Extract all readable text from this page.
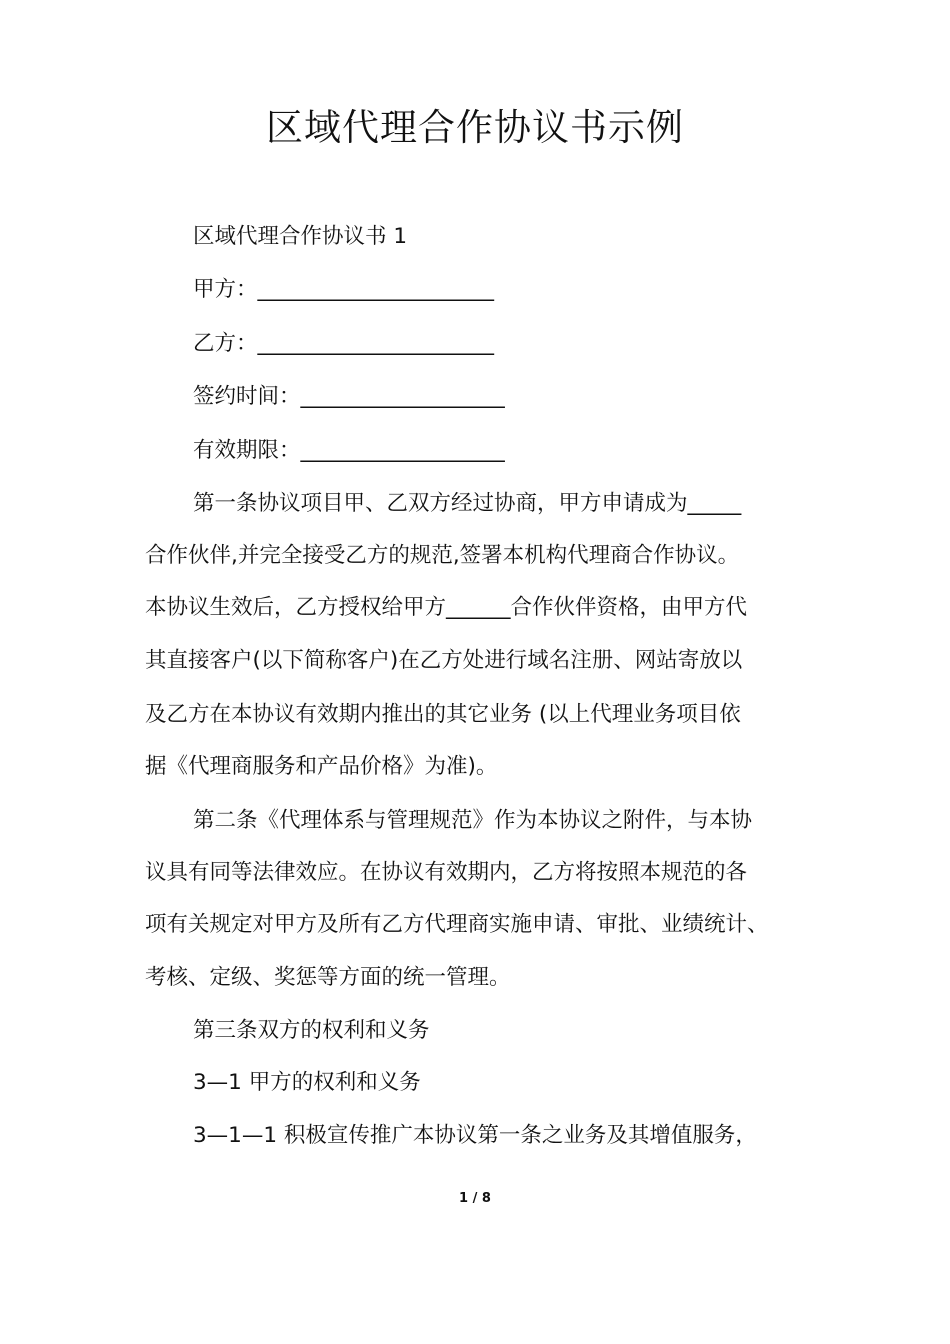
区域代理合作协议书示例

区域代理合作协议书 1

甲方：______________________

乙方：______________________

签约时间：___________________

有效期限：___________________

第一条协议项目甲、乙双方经过协商，甲方申请成为_____

合作伙伴,并完全接受乙方的规范,签署本机构代理商合作协议。

本协议生效后，乙方授权给甲方______合作伙伴资格，由甲方代

其直接客户(以下简称客户)在乙方处进行域名注册、网站寄放以

及乙方在本协议有效期内推出的其它业务 (以上代理业务项目依

据《代理商服务和产品价格》为准)。

第二条《代理体系与管理规范》作为本协议之附件，与本协

议具有同等法律效应。在协议有效期内，乙方将按照本规范的各

项有关规定对甲方及所有乙方代理商实施申请、审批、业绩统计、

考核、定级、奖惩等方面的统一管理。

第三条双方的权利和义务

3—1 甲方的权利和义务

3—1—1 积极宣传推广本协议第一条之业务及其增值服务，

1 / 8
